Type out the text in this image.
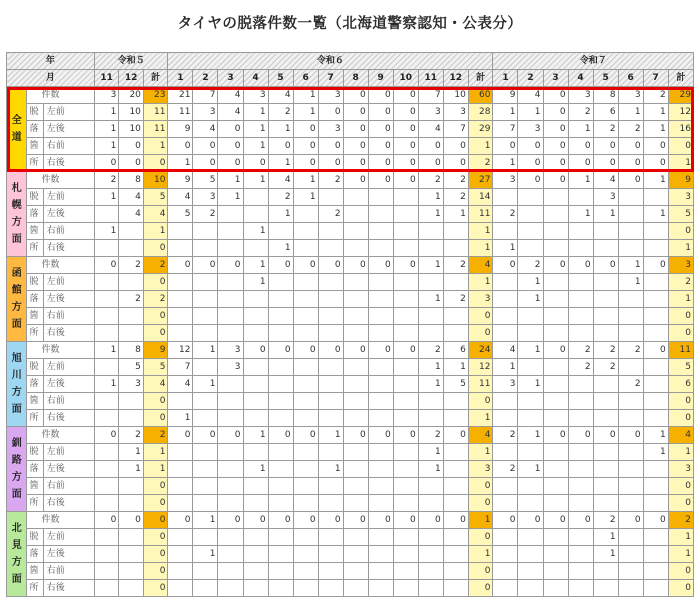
タイヤの脱落件数一覧（北海道警察認知・公表分）
年			令和５			令和６													令和７							
月			11	12	計	1	2	3	4	5	6	7	8	9	10	11	12	計	1	2	3	4	5	6	7	計

全
道	件数		3	20	23	21	7	4	3	4	1	3	0	0	0	7	10	60	9	4	0	3	8	3	2	29
	脱	左前	1	10	11	11	3	4	1	2	1	0	0	0	0	3	3	28	1	1	0	2	6	1	1	12
	落	左後	1	10	11	9	4	0	1	1	0	3	0	0	0	4	7	29	7	3	0	1	2	2	1	16
	箇	右前	1	0	1	0	0	0	1	0	0	0	0	0	0	0	0	1	0	0	0	0	0	0	0	0
	所	右後	0	0	0	1	0	0	0	1	0	0	0	0	0	0	0	2	1	0	0	0	0	0	0	1

札
幌
方
面	件数		2	8	10	9	5	1	1	4	1	2	0	0	0	2	2	27	3	0	0	1	4	0	1	9
	脱	左前	1	4	5	4	3	1		2	1					1	2	14					3			3
	落	左後		4	4	5	2			1		2				1	1	11	2			1	1		1	5
	箇	右前	1		1				1									1								0
	所	右後			0					1								1	1							1

函
館
方
面	件数		0	2	2	0	0	0	1	0	0	0	0	0	0	1	2	4	0	2	0	0	0	1	0	3
	脱	左前			0				1									1		1				1		2
	落	左後		2	2											1	2	3		1						1
	箇	右前			0													0								0
	所	右後			0													0								0

旭
川
方
面	件数		1	8	9	12	1	3	0	0	0	0	0	0	0	2	6	24	4	1	0	2	2	2	0	11
	脱	左前		5	5	7		3								1	1	12	1			2	2			5
	落	左後	1	3	4	4	1									1	5	11	3	1				2		6
	箇	右前			0													0								0
	所	右後			0	1												1								0

釧
路
方
面	件数		0	2	2	0	0	0	1	0	0	1	0	0	0	2	0	4	2	1	0	0	0	0	1	4
	脱	左前		1	1											1		1							1	1
	落	左後		1	1				1			1				1		3	2	1						3
	箇	右前			0													0								0
	所	右後			0													0								0

北
見
方
面	件数		0	0	0	0	1	0	0	0	0	0	0	0	0	0	0	1	0	0	0	0	2	0	0	2
	脱	左前			0													0					1			1
	落	左後			0		1											1					1			1
	箇	右前			0													0								0
	所	右後			0													0								0
